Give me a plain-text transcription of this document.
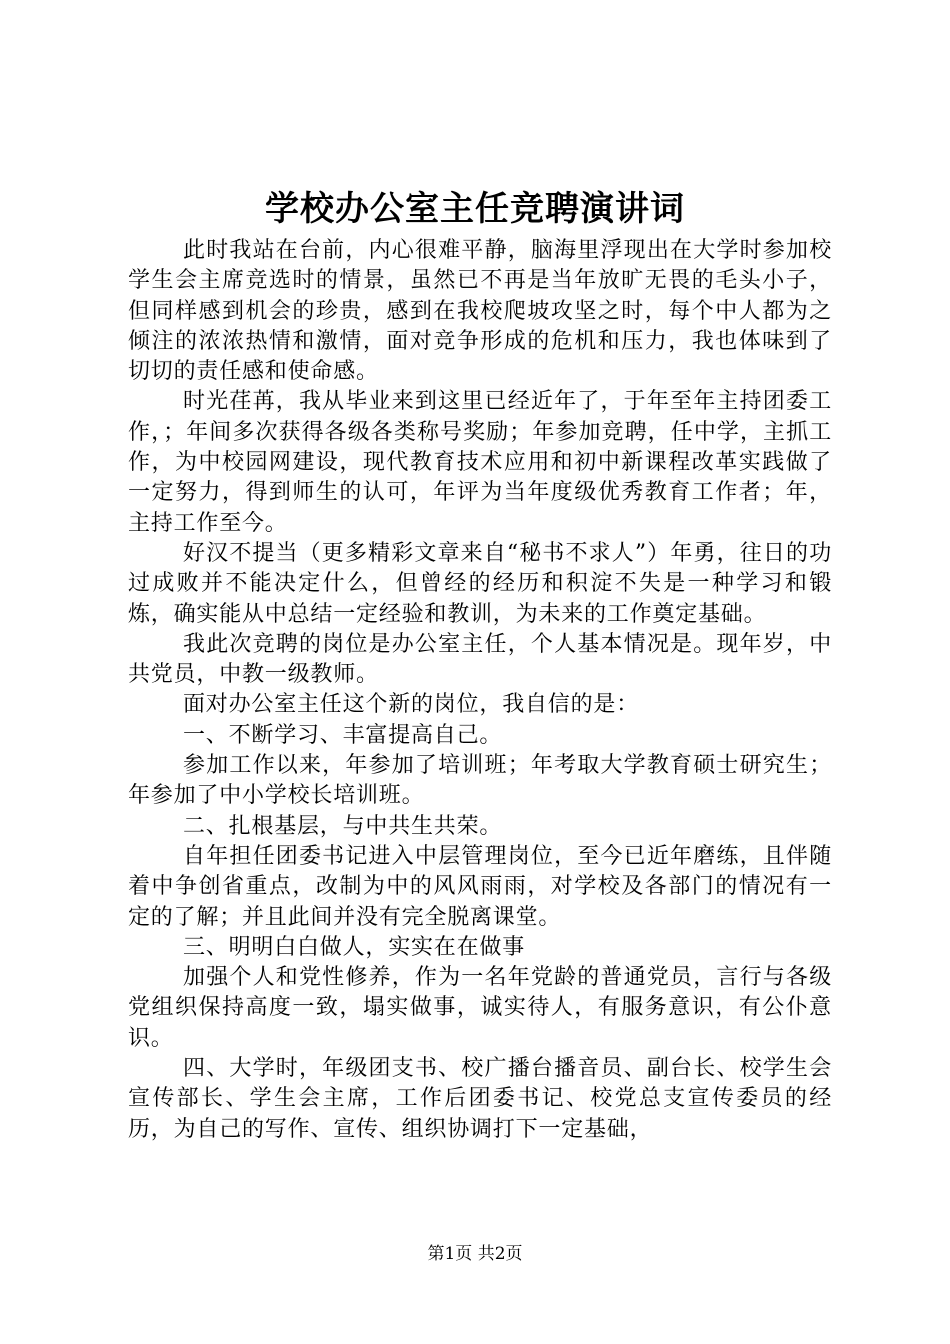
学校办公室主任竞聘演讲词

此时我站在台前，内心很难平静，脑海里浮现出在大学时参加校学生会主席竞选时的情景，虽然已不再是当年放旷无畏的毛头小子，但同样感到机会的珍贵，感到在我校爬坡攻坚之时，每个中人都为之倾注的浓浓热情和激情，面对竞争形成的危机和压力，我也体味到了切切的责任感和使命感。

时光荏苒，我从毕业来到这里已经近年了，于年至年主持团委工作，；年间多次获得各级各类称号奖励；年参加竞聘，任中学，主抓工作，为中校园网建设，现代教育技术应用和初中新课程改革实践做了一定努力，得到师生的认可，年评为当年度级优秀教育工作者；年，主持工作至今。

好汉不提当（更多精彩文章来自“秘书不求人”）年勇，往日的功过成败并不能决定什么，但曾经的经历和积淀不失是一种学习和锻炼，确实能从中总结一定经验和教训，为未来的工作奠定基础。

我此次竞聘的岗位是办公室主任，个人基本情况是。现年岁，中共党员，中教一级教师。

面对办公室主任这个新的岗位，我自信的是：

一、不断学习、丰富提高自己。

参加工作以来，年参加了培训班；年考取大学教育硕士研究生；年参加了中小学校长培训班。

二、扎根基层，与中共生共荣。

自年担任团委书记进入中层管理岗位，至今已近年磨练，且伴随着中争创省重点，改制为中的风风雨雨，对学校及各部门的情况有一定的了解；并且此间并没有完全脱离课堂。

三、明明白白做人，实实在在做事

加强个人和党性修养，作为一名年党龄的普通党员，言行与各级党组织保持高度一致，塌实做事，诚实待人，有服务意识，有公仆意识。

四、大学时，年级团支书、校广播台播音员、副台长、校学生会宣传部长、学生会主席，工作后团委书记、校党总支宣传委员的经历，为自己的写作、宣传、组织协调打下一定基础，

第1页 共2页
